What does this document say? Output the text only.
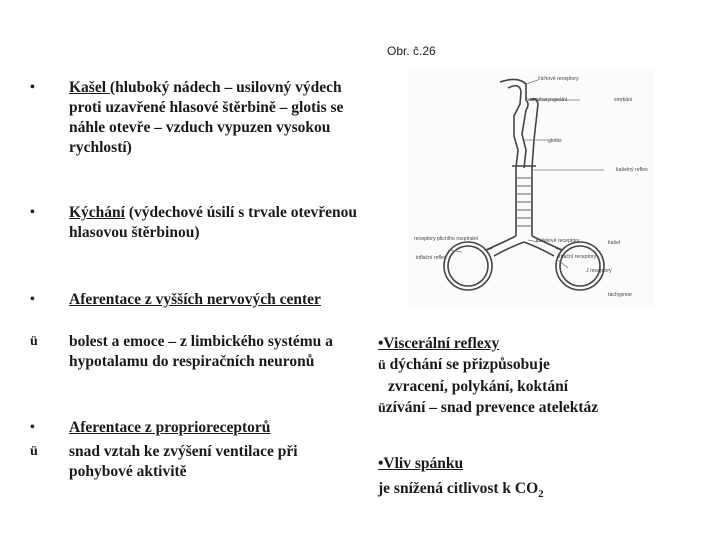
Obr. č.26
•	Kašel (hluboký nádech – usilovný výdech proti uzavřené hlasové štěrbině – glotis se náhle otevře – vzduch vypuzen vysokou rychlostí)
•	Kýchání (výdechové úsilí s trvale otevřenou hlasovou štěrbinou)
•	Aferentace z vyšších nervových center
ü	bolest a emoce – z limbického systému a hypotalamu do respiračních neuronů
•	Aferentace z proprioreceptorů
ü	snad vztah ke zvýšení ventilace při pohybové aktivitě
•Viscerální reflexy
ü dýchání se přizpůsobuje
zvracení, polykání, koktání
üzívání – snad prevence atelektáz
•Vliv spánku
je snížená citlivost k $CO_2$
čichové receptory
nasopharyngeální	smrkání
glottis
kašelný reflex
receptory plicního rozpínání
inflační reflex
kašelové receptory
iritační receptory
J receptory
kašel
tachypnoe
